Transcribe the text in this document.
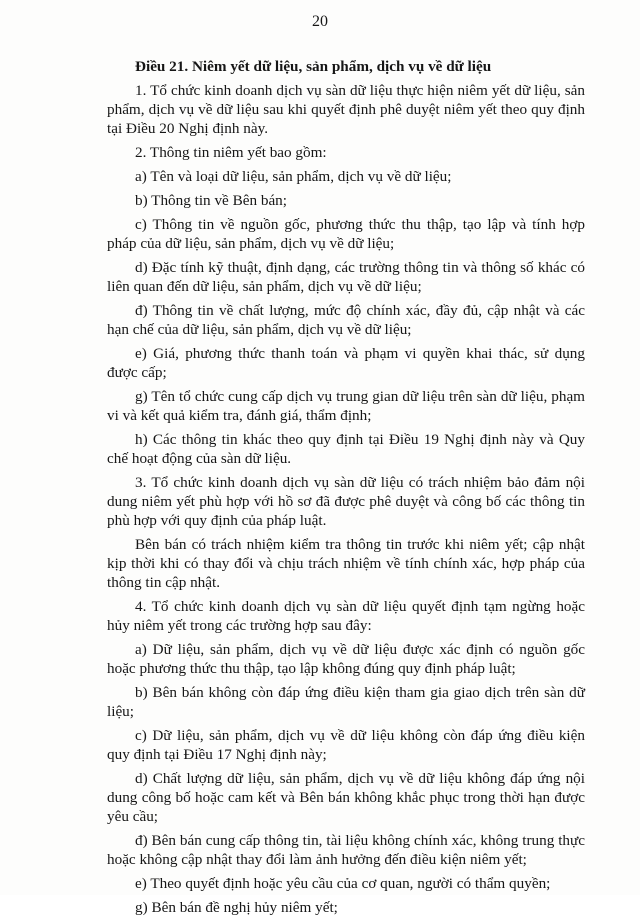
20
Điều 21. Niêm yết dữ liệu, sản phẩm, dịch vụ về dữ liệu

1. Tổ chức kinh doanh dịch vụ sàn dữ liệu thực hiện niêm yết dữ liệu, sản phẩm, dịch vụ về dữ liệu sau khi quyết định phê duyệt niêm yết theo quy định tại Điều 20 Nghị định này.

2. Thông tin niêm yết bao gồm:

a) Tên và loại dữ liệu, sản phẩm, dịch vụ về dữ liệu;

b) Thông tin về Bên bán;

c) Thông tin về nguồn gốc, phương thức thu thập, tạo lập và tính hợp pháp của dữ liệu, sản phẩm, dịch vụ về dữ liệu;

d) Đặc tính kỹ thuật, định dạng, các trường thông tin và thông số khác có liên quan đến dữ liệu, sản phẩm, dịch vụ về dữ liệu;

đ) Thông tin về chất lượng, mức độ chính xác, đầy đủ, cập nhật và các hạn chế của dữ liệu, sản phẩm, dịch vụ về dữ liệu;

e) Giá, phương thức thanh toán và phạm vi quyền khai thác, sử dụng được cấp;

g) Tên tổ chức cung cấp dịch vụ trung gian dữ liệu trên sàn dữ liệu, phạm vi và kết quả kiểm tra, đánh giá, thẩm định;

h) Các thông tin khác theo quy định tại Điều 19 Nghị định này và Quy chế hoạt động của sàn dữ liệu.

3. Tổ chức kinh doanh dịch vụ sàn dữ liệu có trách nhiệm bảo đảm nội dung niêm yết phù hợp với hồ sơ đã được phê duyệt và công bố các thông tin phù hợp với quy định của pháp luật.

Bên bán có trách nhiệm kiểm tra thông tin trước khi niêm yết; cập nhật kịp thời khi có thay đổi và chịu trách nhiệm về tính chính xác, hợp pháp của thông tin cập nhật.

4. Tổ chức kinh doanh dịch vụ sàn dữ liệu quyết định tạm ngừng hoặc hủy niêm yết trong các trường hợp sau đây:

a) Dữ liệu, sản phẩm, dịch vụ về dữ liệu được xác định có nguồn gốc hoặc phương thức thu thập, tạo lập không đúng quy định pháp luật;

b) Bên bán không còn đáp ứng điều kiện tham gia giao dịch trên sàn dữ liệu;

c) Dữ liệu, sản phẩm, dịch vụ về dữ liệu không còn đáp ứng điều kiện quy định tại Điều 17 Nghị định này;

d) Chất lượng dữ liệu, sản phẩm, dịch vụ về dữ liệu không đáp ứng nội dung công bố hoặc cam kết và Bên bán không khắc phục trong thời hạn được yêu cầu;

đ) Bên bán cung cấp thông tin, tài liệu không chính xác, không trung thực hoặc không cập nhật thay đổi làm ảnh hưởng đến điều kiện niêm yết;

e) Theo quyết định hoặc yêu cầu của cơ quan, người có thẩm quyền;

g) Bên bán đề nghị hủy niêm yết;
